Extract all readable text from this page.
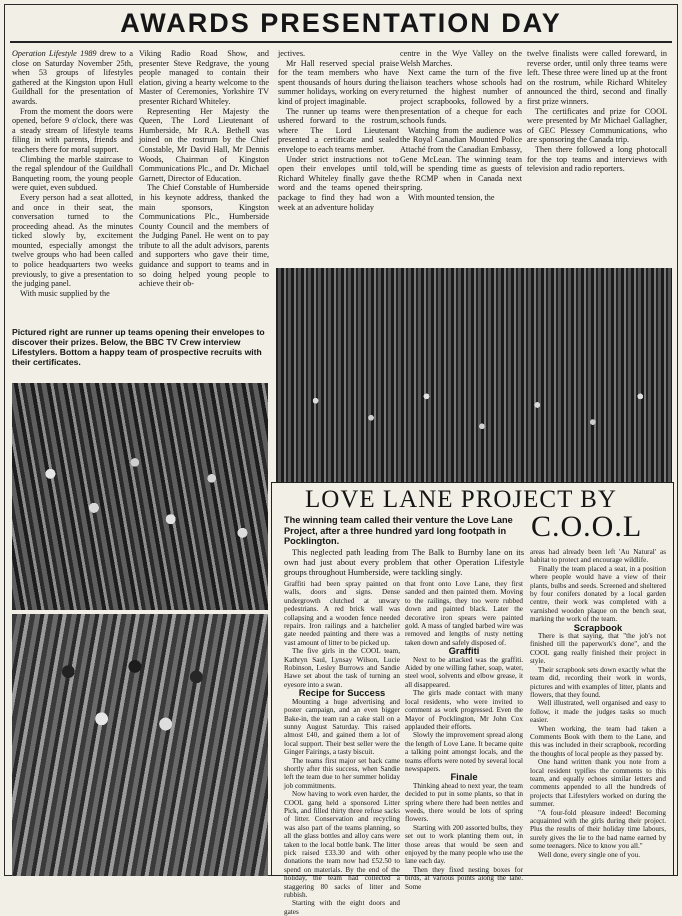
AWARDS PRESENTATION DAY

Operation Lifestyle 1989 drew to a close on Saturday November 25th, when 53 groups of lifestyles gathered at the Kingston upon Hull Guildhall for the presentation of awards.

From the moment the doors were opened, before 9 o'clock, there was a steady stream of lifestyle teams filing in with parents, friends and teachers there for moral support.

Climbing the marble staircase to the regal splendour of the Guildhall Banqueting room, the young people were quiet, even subdued.

Every person had a seat allotted, and once in their seat, the conversation turned to the proceeding ahead. As the minutes ticked slowly by, excitement mounted, especially amongst the twelve groups who had been called to police headquarters two weeks previously, to give a presentation to the judging panel.

With music supplied by the

Viking Radio Road Show, and presenter Steve Redgrave, the young people managed to contain their elation, giving a hearty welcome to the Master of Ceremonies, Yorkshire TV presenter Richard Whiteley.

Representing Her Majesty the Queen, The Lord Lieutenant of Humberside, Mr R.A. Bethell was joined on the rostrum by the Chief Constable, Mr David Hall, Mr Dennis Woods, Chairman of Kingston Communications Plc., and Dr. Michael Garnett, Director of Education.

The Chief Constable of Humberside in his keynote address, thanked the main sponsors, Kingston Communications Plc., Humberside County Council and the members of the Judging Panel. He went on to pay tribute to all the adult advisors, parents and supporters who gave their time, guidance and support to teams and in so doing helped young people to achieve their ob-

jectives.

Mr Hall reserved special praise for the team members who have spent thousands of hours during the summer holidays, working on every kind of project imaginable.

The runner up teams were then ushered forward to the rostrum, where The Lord Lieutenant presented a certificate and sealed envelope to each teams member.

Under strict instructions not to open their envelopes until told, Richard Whiteley finally gave the word and the teams opened their package to find they had won a week at an adventure holiday

centre in the Wye Valley on the Welsh Marches.

Next came the turn of the five liaison teachers whose schools had returned the highest number of project scrapbooks, followed by a presentation of a cheque for each schools funds.

Watching from the audience was the Royal Canadian Mounted Police Attaché from the Canadian Embassy, Gene McLean. The winning team will be spending time as guests of the RCMP when in Canada next spring.

With mounted tension, the

twelve finalists were called foreward, in reverse order, until only three teams were left. These three were lined up at the front on the rostrum, while Richard Whiteley announced the third, second and finally first prize winners.

The certificates and prize for COOL were presented by Mr Michael Gallagher, of GEC Plessey Communications, who are sponsoring the Canada trip.

Then there followed a long photocall for the top teams and interviews with television and radio reporters.

Pictured right are runner up teams opening their envelopes to discover their prizes. Below, the BBC TV Crew interview Lifestylers. Bottom a happy team of prospective recruits with their certificates.
LOVE LANE PROJECT BY
C.O.O.L
The winning team called their venture the Love Lane Project, after a three hundred yard long footpath in Pocklington.

This neglected path leading from The Balk to Burnby lane on its own had just about every problem that other Operation Lifestyle groups throughout Humberside, were tackling singly.

Graffiti had been spray painted on walls, doors and signs. Dense undergrowth clutched at unwary pedestrians. A red brick wall was collapsing and a wooden fence needed repairs. Iron railings and a hatchelier gate needed painting and there was a vast amount of litter to be picked up.

The five girls in the COOL team, Kathryn Saul, Lynsay Wilson, Lucie Robinson, Lesley Burrows and Sandie Hawe set about the task of turning an eyesore into a swan.

Recipe for Success

Mounting a huge advertising and poster campaign, and an even bigger Bake-in, the team ran a cake stall on a sunny August Saturday. This raised almost £40, and gained them a lot of local support. Their best seller were the Ginger Fairings, a tasty biscuit.

The teams first major set back came shortly after this success, when Sandie left the team due to her summer holiday job commitments.

Now having to work even harder, the COOL gang held a sponsored Litter Pick, and filled thirty three refuse sacks of litter. Conservation and recycling was also part of the teams planning, so all the glass bottles and alloy cans were taken to the local bottle bank. The litter pick raised £33.30 and with other donations the team now had £52.50 to spend on materials. By the end of the holiday, the team had collected a staggering 80 sacks of litter and rubbish.

Starting with the eight doors and gates

that front onto Love Lane, they first sanded and then painted them. Moving to the railings, they too were rubbed down and painted black. Later the decorative iron spears were painted gold. A mass of tangled barbed wire was removed and lengths of rusty netting taken down and safely disposed of.

Graffiti

Next to be attacked was the graffiti. Aided by one willing father, soap, water, steel wool, solvents and elbow grease, it all disappeared.

The girls made contact with many local residents, who were invited to comment as work progressed. Even the Mayor of Pocklington, Mr John Cox applauded their efforts.

Slowly the improvement spread along the length of Love Lane. It became quite a talking point amongst locals, and the teams efforts were noted by several local newspapers.

Finale

Thinking ahead to next year, the team decided to put in some plants, so that in spring where there had been nettles and weeds, there would be lots of spring flowers.

Starting with 200 assorted bulbs, they set out to work planting them out, in those areas that would be seen and enjoyed by the many people who use the lane each day.

Then they fixed nesting boxes for birds, at various points along the lane. Some

areas had already been left 'Au Natural' as habitat to protect and encourage wildlife.

Finally the team placed a seat, in a position where people would have a view of their plants, bulbs and seeds. Screened and sheltered by four conifers donated by a local garden centre, their work was completed with a varnished wooden plaque on the bench seat, marking the work of the team.

Scrapbook

There is that saying, that "the job's not finished till the paperwork's done", and the COOL gang really finished their project in style.

Their scrapbook sets down exactly what the team did, recording their work in words, pictures and with examples of litter, plants and flowers, that they found.

Well illustrated, well organised and easy to follow, it made the judges tasks so much easier.

When working, the team had taken a Comments Book with them to the Lane, and this was included in their scrapbook, recording the thoughts of local people as they passed by.

One hand written thank you note from a local resident typifies the comments to this team, and equally echoes similar letters and comments appended to all the hundreds of projects that Lifestylers worked on during the summer.

"A four-fold pleasure indeed! Becoming acquainted with the girls during their project. Plus the results of their holiday time labours, surely gives the lie to the bad name earned by some teenagers. Nice to know you all."

Well done, every single one of you.
